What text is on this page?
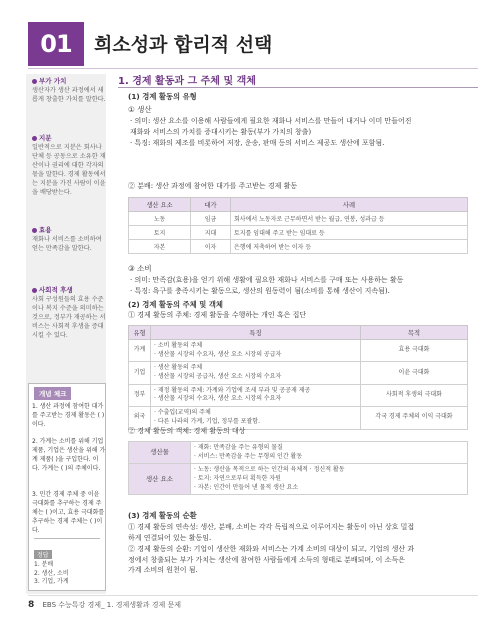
01	희소성과 합리적 선택
부가 가치
생산자가 생산 과정에서 새롭게 창출한 가치를 말한다.
지분
일반적으로 지분은 회사나 단체 등 공동으로 소유한 재산이나 권리에 대한 각자의 몫을 말한다. 경제 활동에서는 지분을 가진 사람이 이윤을 배당받는다.
효용
재화나 서비스를 소비하여 얻는 만족감을 말한다.
사회적 후생
사회 구성원들의 효용 수준이나 복지 수준을 의미하는 것으로, 정부가 재공하는 서비스는 사회적 후생을 증대시킬 수 있다.
개념 체크
1. 생산 과정에 참여한 대가를 주고받는 경제 활동은 ( )이다.
2. 가계는 소비를 위해 기업 제품, 기업은 생산을 위해 가계 제품( )을 구입한다. 이다. 가계는 ( )의 주체이다.
3. 민간 경제 주체 중 이윤 극대화를 추구하는 경제 주체는 ( )이고, 효용 극대화를 추구하는 경제 주체는 ( )이다.
정답
1. 분배
2. 생산, 소비
3. 기업, 가계
1. 경제 활동과 그 주체 및 객체
(1) 경제 활동의 유형
① 생산
· 의미: 생산 요소를 이용해 사람들에게 필요한 재화나 서비스를 만들어 내거나 이미 만들어진
재화와 서비스의 가치를 증대시키는 활동(부가 가치의 창출)
· 특징: 재화의 제조를 비롯하여 저장, 운송, 판매 등의 서비스 제공도 생산에 포함됨.
② 분배: 생산 과정에 참여한 대가를 주고받는 경제 활동
생산 요소	대가	사례
노동	임금	회사에서 노동자로 근무하면서 받는 월급, 연봉, 성과급 등
토지	지대	토지를 임대해 주고 받는 임대료 등
자본	이자	은행에 저축하여 받는 이자 등
③ 소비
· 의미: 만족감(효용)을 얻기 위해 생활에 필요한 재화나 서비스를 구매 또는 사용하는 활동
· 특징: 욕구를 충족시키는 활동으로, 생산의 원동력이 됨(소비를 통해 생산이 지속됨).
(2) 경제 활동의 주체 및 객체
① 경제 활동의 주체: 경제 활동을 수행하는 개인 혹은 집단
유형	특징	목적
가계	· 소비 활동의 주체
· 생산물 시장의 수요자, 생산 요소 시장의 공급자	효용 극대화
기업	· 생산 활동의 주체
· 생산물 시장의 공급자, 생산 요소 시장의 수요자	이윤 극대화
정부	· 재정 활동의 주체: 가계와 기업에 조세 부과 및 공공재 제공
· 생산물 시장의 수요자, 생산 요소 시장의 수요자	사회적 후생의 극대화
외국	· 수출입(교역)의 주체
· 다른 나라의 가계, 기업, 정부를 포괄함.	각국 경제 주체의 이익 극대화
② 경제 활동의 객체: 경제 활동의 대상
생산물	· 재화: 만족감을 주는 유형의 물질
· 서비스: 만족감을 주는 무형의 인간 활동

생산 요소	· 노동: 생산을 목적으로 하는 인간의 육체적 · 정신적 활동
· 토지: 자연으로부터 획득한 자원
· 자본: 인간이 만들어 낸 물적 생산 요소
(3) 경제 활동의 순환
① 경제 활동의 연속성: 생산, 분배, 소비는 각각 독립적으로 이루어지는 활동이 아닌 상호 밀접
하게 연결되어 있는 활동임.
② 경제 활동의 순환: 기업이 생산한 재화와 서비스는 가계 소비의 대상이 되고, 기업의 생산 과
정에서 창출되는 부가 가치는 생산에 참여한 사람들에게 소득의 형태로 분배되며, 이 소득은
가계 소비의 원천이 됨.
8 EBS 수능특강 경제_ 1. 경제생활과 경제 문제
